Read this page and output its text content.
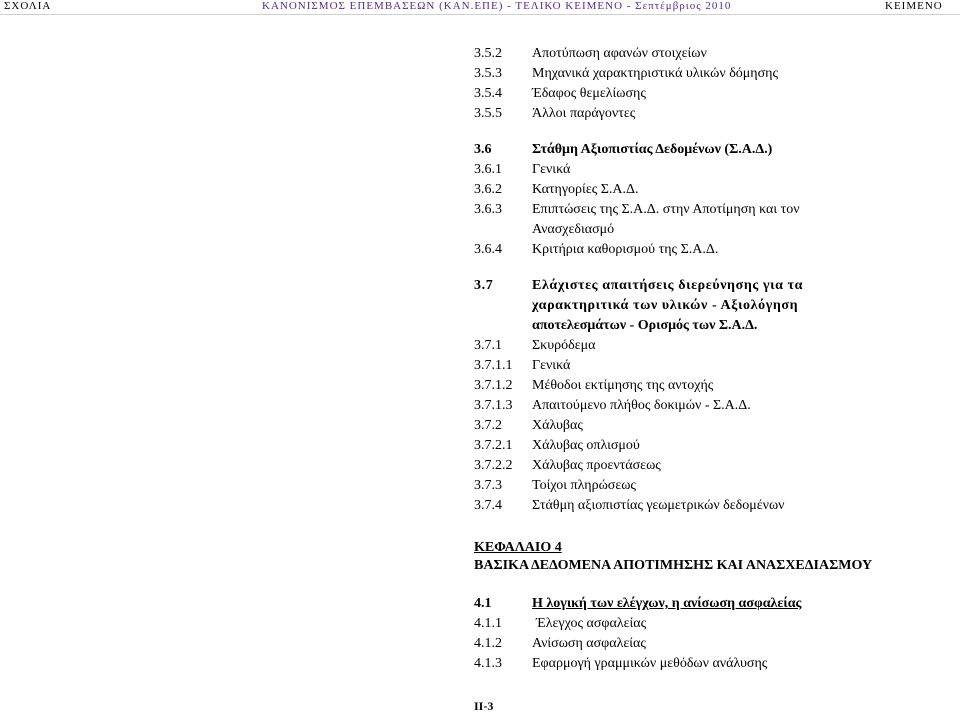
ΣΧΟΛΙΑ	ΚΑΝΟΝΙΣΜΟΣ ΕΠΕΜΒΑΣΕΩΝ (ΚΑΝ.ΕΠΕ) - ΤΕΛΙΚΟ ΚΕΙΜΕΝΟ - Σεπτέμβριος 2010	ΚΕΙΜΕΝΟ
3.5.2 Αποτύπωση αφανών στοιχείων
3.5.3 Μηχανικά χαρακτηριστικά υλικών δόμησης
3.5.4 Έδαφος θεμελίωσης
3.5.5 Άλλοι παράγοντες
3.6	Στάθμη Αξιοπιστίας Δεδομένων (Σ.Α.Δ.)
3.6.1 Γενικά
3.6.2 Κατηγορίες Σ.Α.Δ.
3.6.3 Επιπτώσεις της Σ.Α.Δ. στην Αποτίμηση και τον
Ανασχεδιασμό
3.6.4 Κριτήρια καθορισμού της Σ.Α.Δ.
3.7	Ελάχιστες απαιτήσεις διερεύνησης για τα
χαρακτηριτικά των υλικών - Αξιολόγηση
αποτελεσμάτων - Ορισμός των Σ.Α.Δ.
3.7.1 Σκυρόδεμα
3.7.1.1 Γενικά
3.7.1.2 Μέθοδοι εκτίμησης της αντοχής
3.7.1.3 Απαιτούμενο πλήθος δοκιμών - Σ.Α.Δ.
3.7.2 Χάλυβας
3.7.2.1 Χάλυβας οπλισμού
3.7.2.2 Χάλυβας προεντάσεως
3.7.3 Τοίχοι πληρώσεως
3.7.4 Στάθμη αξιοπιστίας γεωμετρικών δεδομένων
ΚΕΦΑΛΑΙΟ 4
ΒΑΣΙΚΑ ΔΕΔΟΜΕΝΑ ΑΠΟΤΙΜΗΣΗΣ ΚΑΙ ΑΝΑΣΧΕΔΙΑΣΜΟΥ
4.1	Η λογική των ελέγχων, η ανίσωση ασφαλείας
4.1.1 Έλεγχος ασφαλείας
4.1.2 Ανίσωση ασφαλείας
4.1.3 Εφαρμογή γραμμικών μεθόδων ανάλυσης
ΙΙ-3
